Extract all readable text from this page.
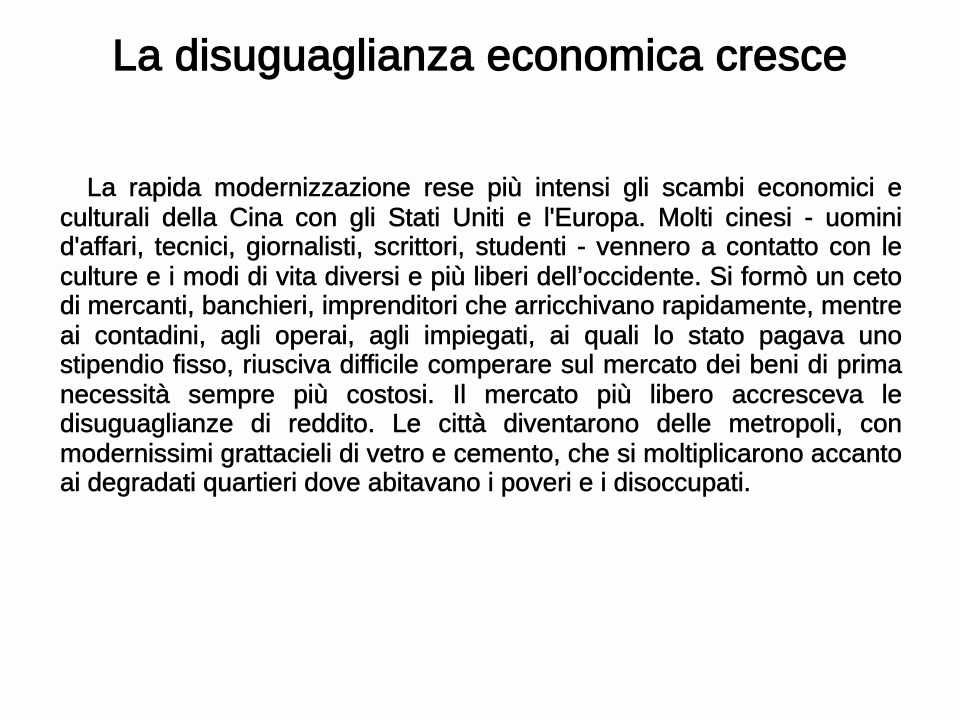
La disuguaglianza economica cresce

La rapida modernizzazione rese più intensi gli scambi economici e culturali della Cina con gli Stati Uniti e l'Europa. Molti cinesi - uomini d'affari, tecnici, giornalisti, scrittori, studenti - vennero a contatto con le culture e i modi di vita diversi e più liberi dell’occidente. Si formò un ceto di mercanti, banchieri, imprenditori che arricchivano rapidamente, mentre ai contadini, agli operai, agli impiegati, ai quali lo stato pagava uno stipendio fisso, riusciva difficile comperare sul mercato dei beni di prima necessità sempre più costosi. Il mercato più libero accresceva le disuguaglianze di reddito. Le città diventarono delle metropoli, con modernissimi grattacieli di vetro e cemento, che si moltiplicarono accanto ai degradati quartieri dove abitavano i poveri e i disoccupati.
